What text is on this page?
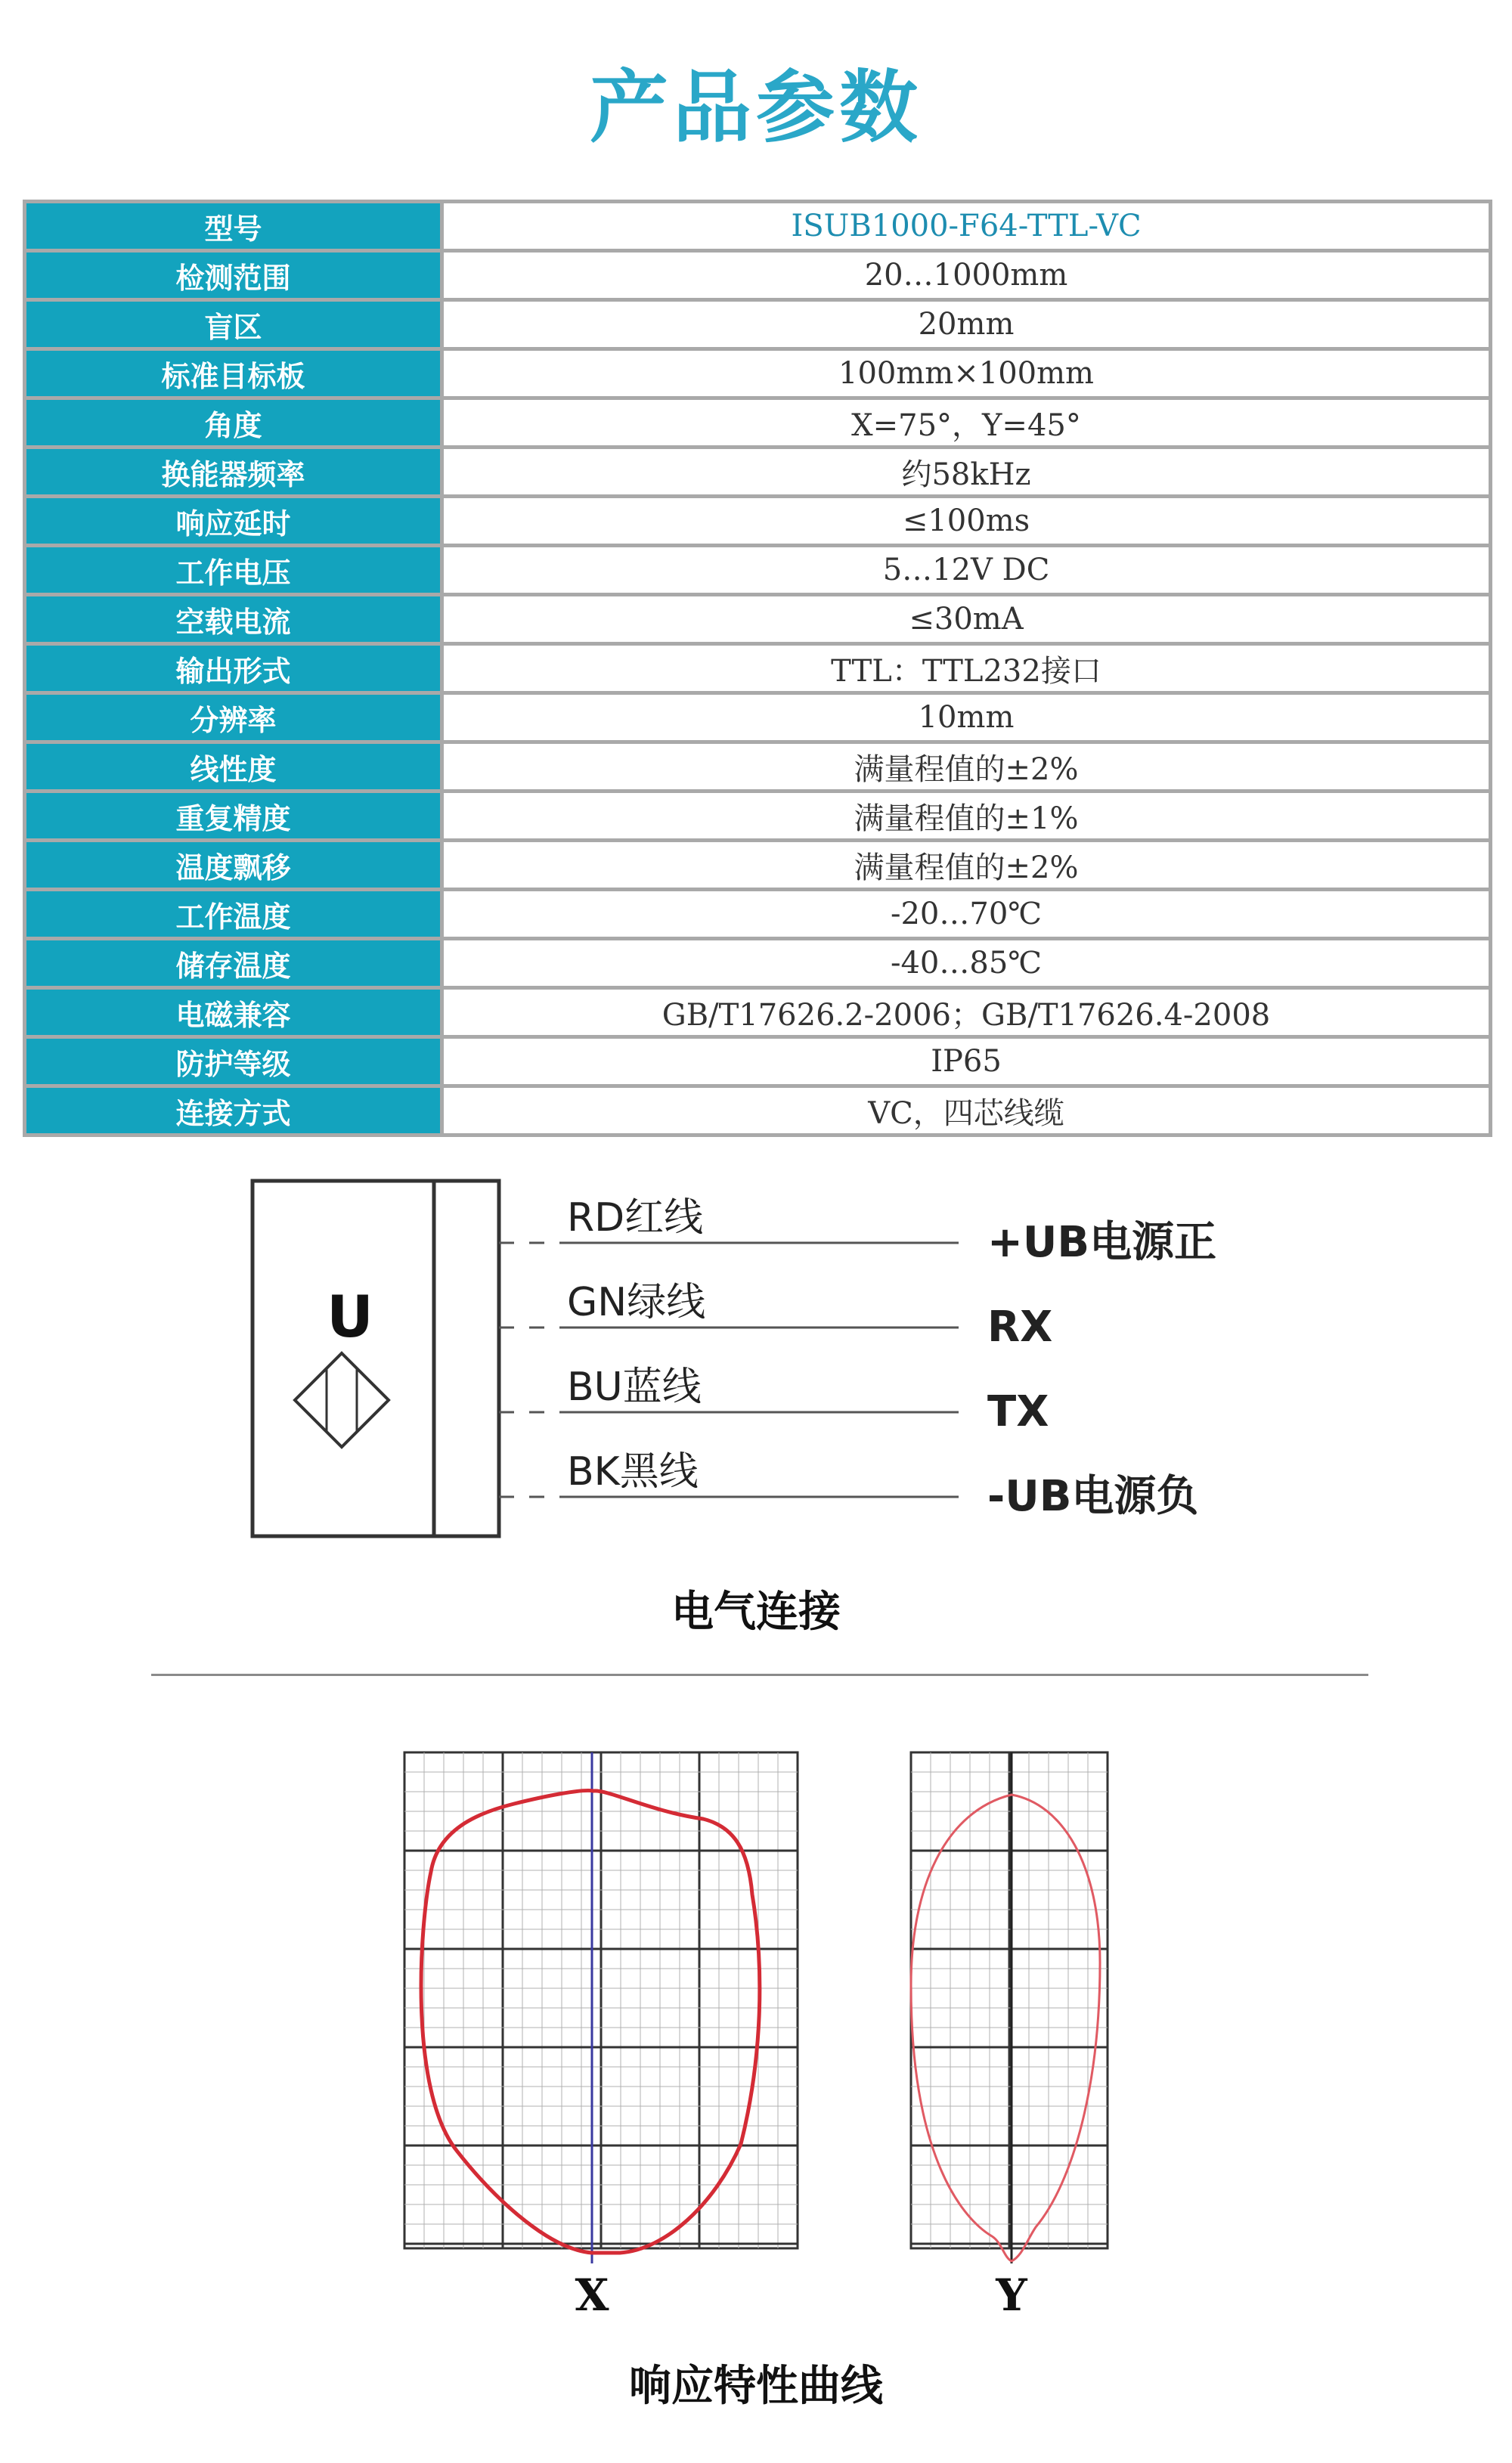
产品参数
型号	ISUB1000-F64-TTL-VC
检测范围	20…1000mm
盲区	20mm
标准目标板	100mm×100mm
角度	X=75°，Y=45°
换能器频率	约58kHz
响应延时	≤100ms
工作电压	5…12V DC
空载电流	≤30mA
输出形式	TTL：TTL232接口
分辨率	10mm
线性度	满量程值的±2%
重复精度	满量程值的±1%
温度飘移	满量程值的±2%
工作温度	-20…70℃
储存温度	-40…85℃
电磁兼容	GB/T17626.2-2006；GB/T17626.4-2008
防护等级	IP65
连接方式	VC，四芯线缆
U
RD红线	+UB电源正
GN绿线	RX
BU蓝线	TX
BK黑线	-UB电源负
电气连接
X	Y
响应特性曲线
